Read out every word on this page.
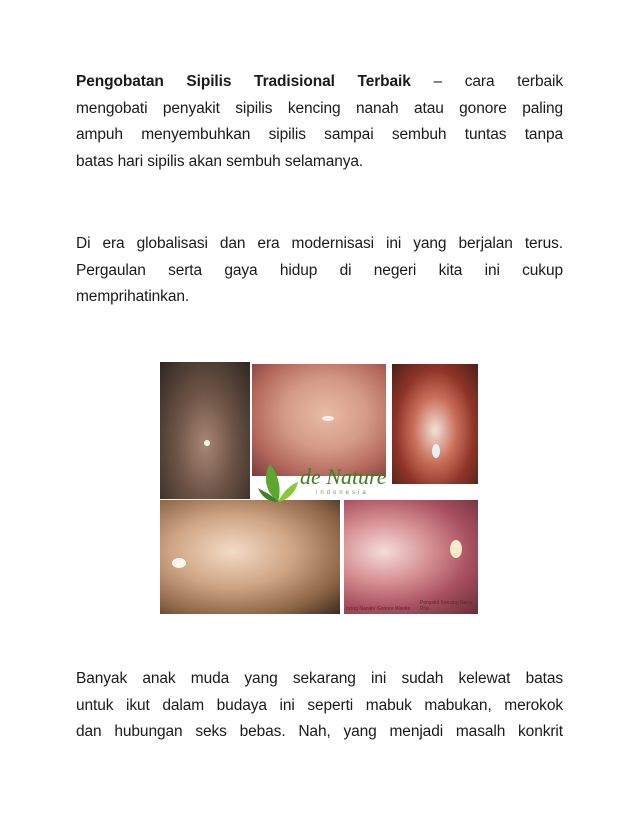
Pengobatan Sipilis Tradisional Terbaik – cara terbaik
mengobati penyakit sipilis kencing nanah atau gonore paling
ampuh menyembuhkan sipilis sampai sembuh tuntas tanpa
batas hari sipilis akan sembuh selamanya.
Di era globalisasi dan era modernisasi ini yang berjalan terus.
Pergaulan serta gaya hidup di negeri kita ini cukup
memprihatinkan.
ncing Nanah/ Gonore Wanita
Penyakit Kencing Nana Pria
de Nature
indonesia
Banyak anak muda yang sekarang ini sudah kelewat batas
untuk ikut dalam budaya ini seperti mabuk mabukan, merokok
dan hubungan seks bebas. Nah, yang menjadi masalh konkrit
